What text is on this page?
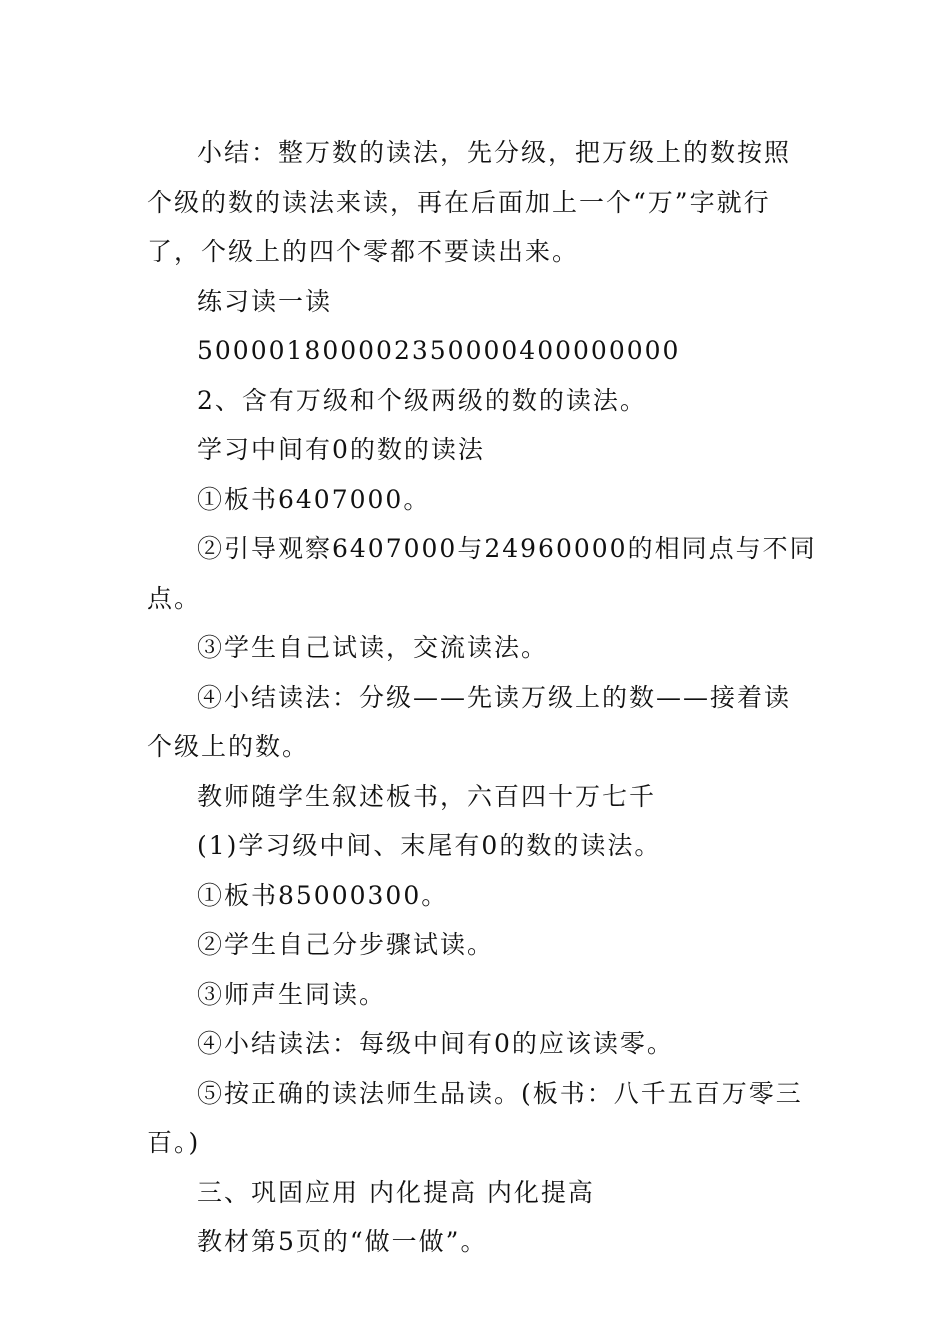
小结：整万数的读法，先分级，把万级上的数按照个级的数的读法来读，再在后面加上一个“万”字就行了，个级上的四个零都不要读出来。

练习读一读

500001800002350000400000000

2、含有万级和个级两级的数的读法。

学习中间有0的数的读法

①板书6407000。

②引导观察6407000与24960000的相同点与不同点。

③学生自己试读，交流读法。

④小结读法：分级——先读万级上的数——接着读个级上的数。

教师随学生叙述板书，六百四十万七千

(1)学习级中间、末尾有0的数的读法。

①板书85000300。

②学生自己分步骤试读。

③师声生同读。

④小结读法：每级中间有0的应该读零。

⑤按正确的读法师生品读。(板书：八千五百万零三百。)

三、巩固应用 内化提高 内化提高

教材第5页的“做一做”。
